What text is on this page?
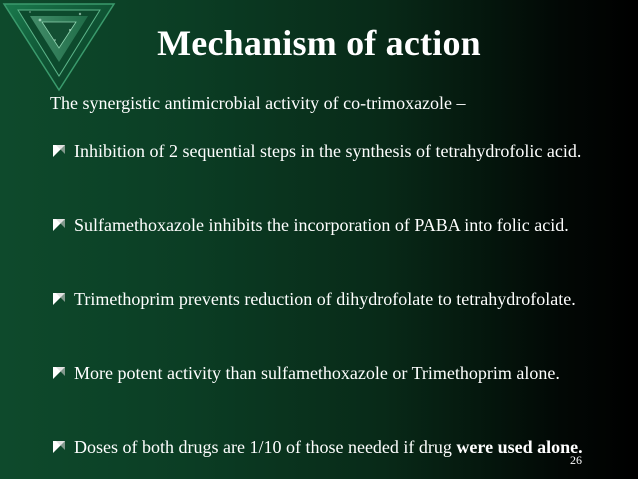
Mechanism of action

The synergistic antimicrobial activity of co-trimoxazole –

Inhibition of 2 sequential steps in the synthesis of tetrahydrofolic acid.
Sulfamethoxazole inhibits the incorporation of PABA into folic acid.
Trimethoprim prevents reduction of dihydrofolate to tetrahydrofolate.
More potent activity than sulfamethoxazole or Trimethoprim alone.
Doses of both drugs are 1/10 of those needed if drug were used alone.
26
